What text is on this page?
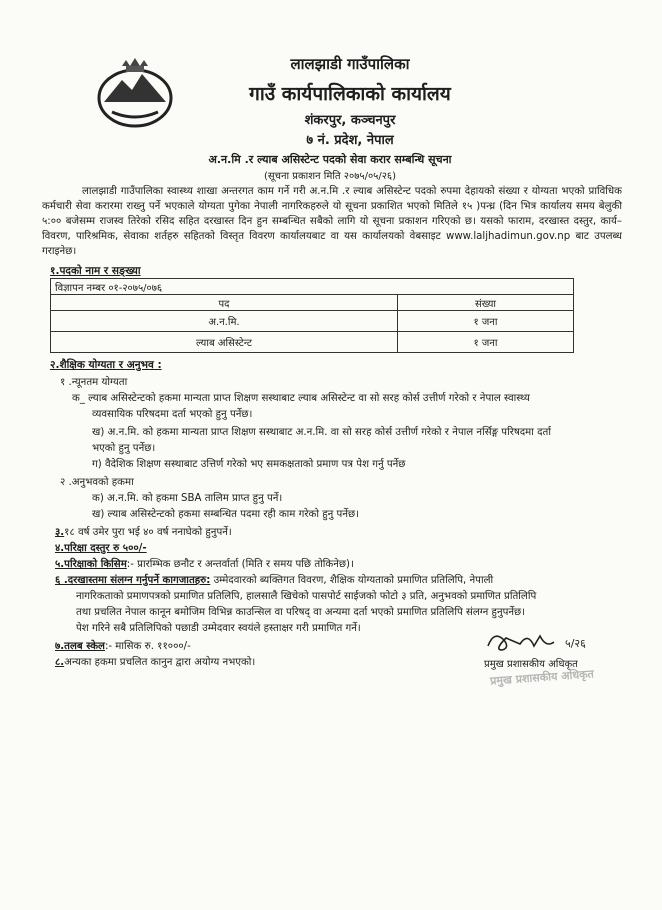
लालझाडी गाउँपालिका
गाउँ कार्यपालिकाको कार्यालय
शंकरपुर, कञ्चनपुर
७ नं. प्रदेश, नेपाल
अ.न.मि .र ल्याब असिस्टेन्ट पदको सेवा करार सम्बन्धि सूचना
(सूचना प्रकाशन मिति २०७५/०५/२६)
लालझाडी गाउँपालिका स्वास्थ्य शाखा अन्तरगत काम गर्ने गरी अ.न.मि .र ल्याब असिस्टेन्ट पदको रुपमा देहायको संख्या र योग्यता भएको प्राविधिक कर्मचारी सेवा करारमा राख्नु पर्ने भएकाले योग्यता पुगेका नेपाली नागरिकहरुले यो सूचना प्रकाशित भएको मितिले १५ )पन्ध्र (दिन भित्र कार्यालय समय बेलुकी ५:०० बजेसम्म राजस्व तिरेको रसिद सहित दरखास्त दिन हुन सम्बन्धित सबैको लागि यो सूचना प्रकाशन गरिएको छ। यसको फाराम, दरखास्त दस्तुर, कार्य–विवरण, पारिश्रमिक, सेवाका शर्तहरु सहितको विस्तृत विवरण कार्यालयबाट वा यस कार्यालयको वेबसाइट www.laljhadimun.gov.np बाट उपलब्ध गराइनेछ।
१.पदको नाम र सङ्ख्या
विज्ञापन नम्बर ०१-२०७५/०७६	
पद	संख्या
अ.न.मि.	१ जना
ल्याब असिस्टेन्ट	१ जना
२.शैक्षिक योग्यता र अनुभव :
१ .न्यूनतम योग्यता
क_ ल्याब असिस्टेन्टको हकमा मान्यता प्राप्त शिक्षण सस्थाबाट ल्याब असिस्टेन्ट वा सो सरह कोर्स उत्तीर्ण गरेको र नेपाल स्वास्थ्य
व्यवसायिक परिषदमा दर्ता भएको हुनु पर्नेछ।
ख) अ.न.मि. को हकमा मान्यता प्राप्त शिक्षण सस्थाबाट अ.न.मि. वा सो सरह कोर्स उत्तीर्ण गरेको र नेपाल नर्सिङ्ग परिषदमा दर्ता
भएको हुनु पर्नेछ।
ग) वैदेशिक शिक्षण सस्थाबाट उत्तिर्ण गरेको भए समकक्षताको प्रमाण पत्र पेश गर्नु पर्नेछ
२ .अनुभवको हकमा
क) अ.न.मि. को हकमा SBA तालिम प्राप्त हुनु पर्ने।
ख) ल्याब असिस्टेन्टको हकमा सम्बन्धित पदमा रही काम गरेको हुनु पर्नेछ।
३.१८ वर्ष उमेर पुरा भई ४० वर्ष ननाघेको हुनुपर्ने।
४.परिक्षा दस्तुर रु ५००/-
५.परिक्षाको किसिम:- प्रारम्भिक छनौट र अन्तर्वार्ता (मिति र समय पछि तोकिनेछ)।
६ .दरखास्तमा संलग्न गर्नुपर्ने कागजातहरु: उम्मेदवारको ब्यक्तिगत विवरण, शैक्षिक योग्यताको प्रमाणित प्रतिलिपि, नेपाली
नागरिकताको प्रमाणपत्रको प्रमाणित प्रतिलिपि, हालसालै खिचेको पासपोर्ट साईजको फोटो ३ प्रति, अनुभवको प्रमाणित प्रतिलिपि
तथा प्रचलित नेपाल कानून बमोजिम विभिन्न काउन्सिल वा परिषद् वा अन्यमा दर्ता भएको प्रमाणित प्रतिलिपि संलग्न हुनुपर्नेछ।
पेश गरिने सबै प्रतिलिपिको पछाडी उम्मेदवार स्वयंले हस्ताक्षर गरी प्रमाणित गर्ने।
७.तलब स्केल:- मासिक रु. ११०००/-
८.अन्यका हकमा प्रचलित कानुन द्वारा अयोग्य नभएको।
५/२६
प्रमुख प्रशासकीय अधिकृत
प्रमुख प्रशासकीय अधिकृत
